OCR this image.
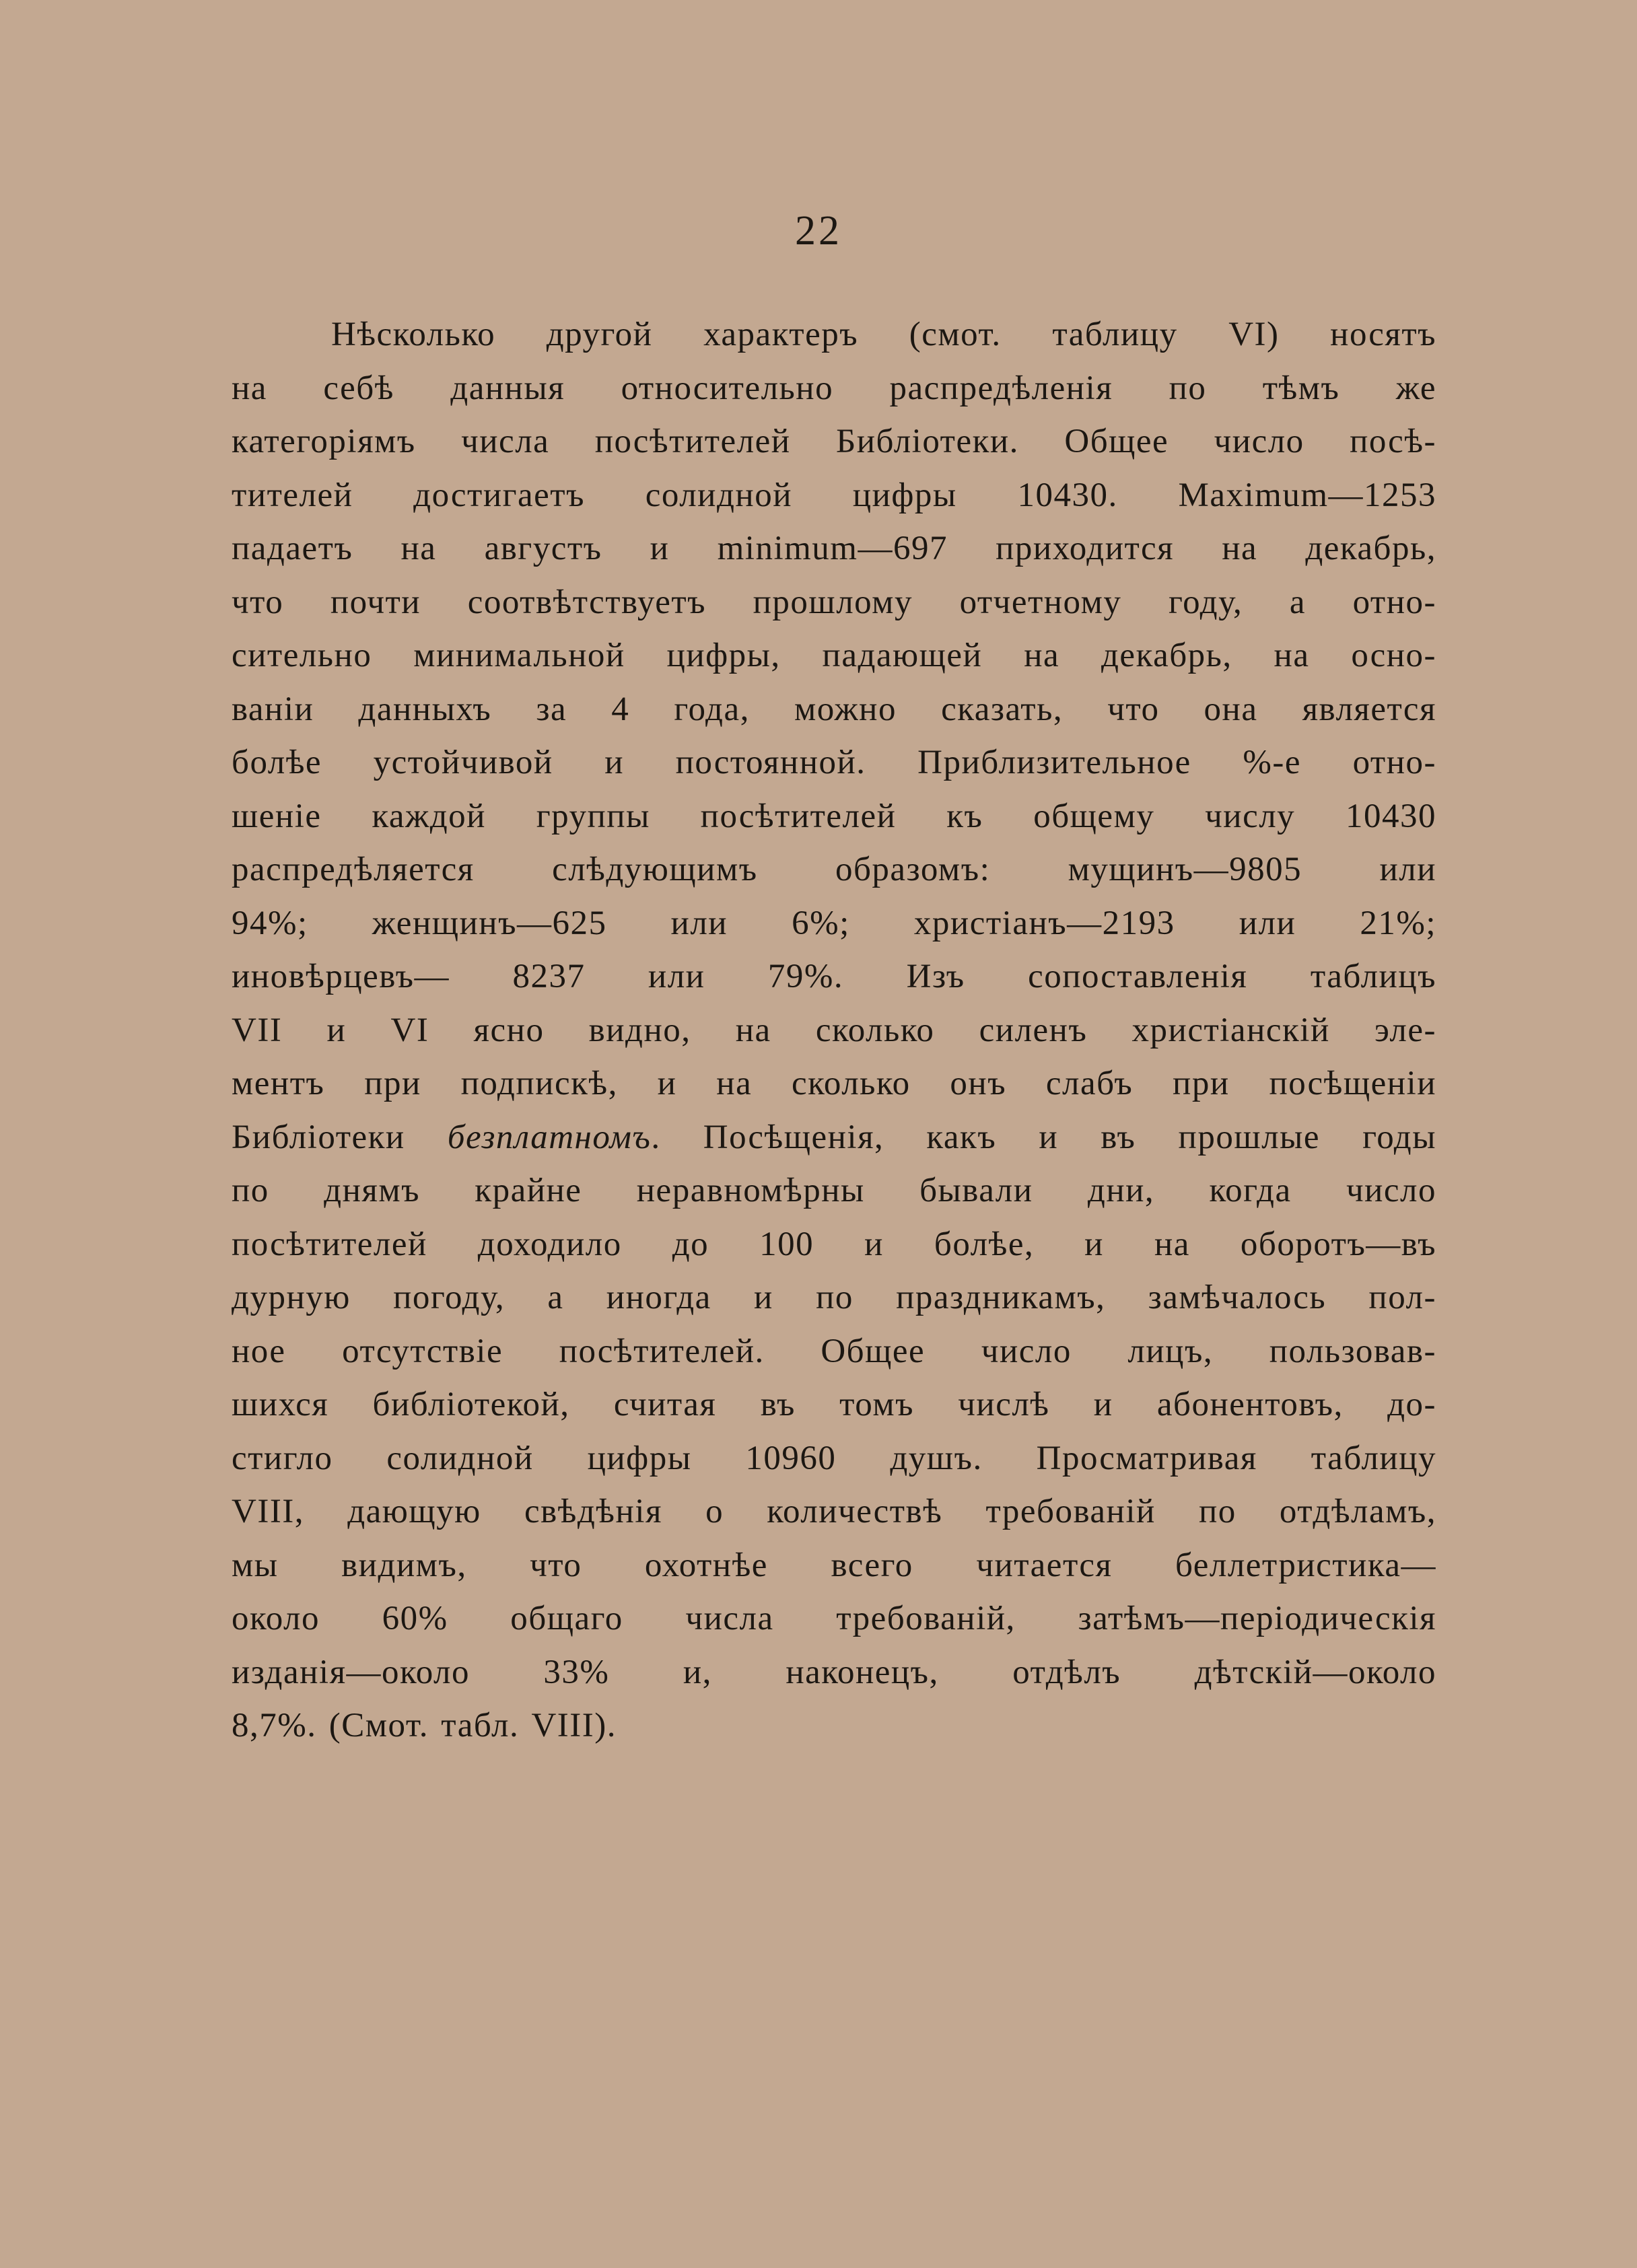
22
Нѣсколько другой характеръ (смот. таблицу VI) носятъ
на себѣ данныя относительно распредѣленія по тѣмъ же
категоріямъ числа посѣтителей Библіотеки. Общее число посѣ-
тителей достигаетъ солидной цифры 10430. Maximum—1253
падаетъ на августъ и minimum—697 приходится на декабрь,
что почти соотвѣтствуетъ прошлому отчетному году, а отно-
сительно минимальной цифры, падающей на декабрь, на осно-
ваніи данныхъ за 4 года, можно сказать, что она является
болѣе устойчивой и постоянной. Приблизительное %-е отно-
шеніе каждой группы посѣтителей къ общему числу 10430
распредѣляется слѣдующимъ образомъ: мущинъ—9805 или
94%; женщинъ—625 или 6%; христіанъ—2193 или 21%;
иновѣрцевъ— 8237 или 79%. Изъ сопоставленія таблицъ
VII и VI ясно видно, на сколько силенъ христіанскій эле-
ментъ при подпискѣ, и на сколько онъ слабъ при посѣщеніи
Библіотеки безплатномъ. Посѣщенія, какъ и въ прошлые годы
по днямъ крайне неравномѣрны бывали дни, когда число
посѣтителей доходило до 100 и болѣе, и на оборотъ—въ
дурную погоду, а иногда и по праздникамъ, замѣчалось пол-
ное отсутствіе посѣтителей. Общее число лицъ, пользовав-
шихся библіотекой, считая въ томъ числѣ и абонентовъ, до-
стигло солидной цифры 10960 душъ. Просматривая таблицу
VIII, дающую свѣдѣнія о количествѣ требованій по отдѣламъ,
мы видимъ, что охотнѣе всего читается беллетристика—
около 60% общаго числа требованій, затѣмъ—періодическія
изданія—около 33% и, наконецъ, отдѣлъ дѣтскій—около
8,7%. (Смот. табл. VIII).
